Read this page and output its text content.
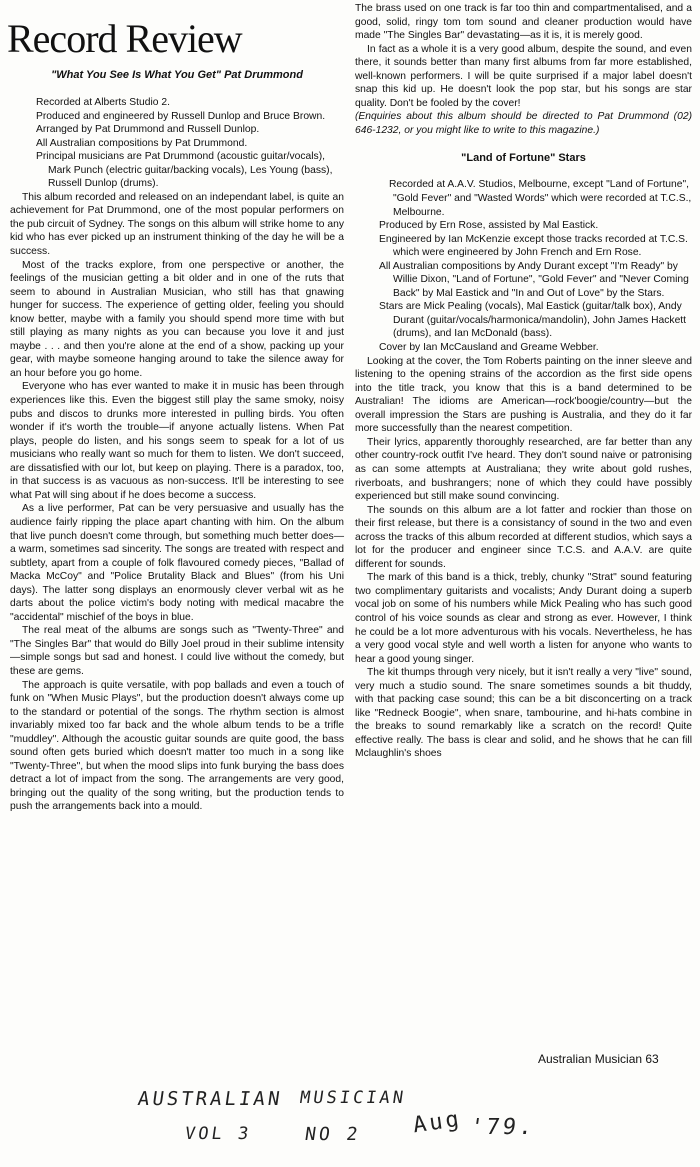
Record Review
"What You See Is What You Get" Pat Drummond
Recorded at Alberts Studio 2.
Produced and engineered by Russell Dunlop and Bruce Brown.
Arranged by Pat Drummond and Russell Dunlop.
All Australian compositions by Pat Drummond.
Principal musicians are Pat Drummond (acoustic guitar/vocals), Mark Punch (electric guitar/backing vocals), Les Young (bass), Russell Dunlop (drums).

This album recorded and released on an independant label, is quite an achievement for Pat Drummond, one of the most popular performers on the pub circuit of Sydney. The songs on this album will strike home to any kid who has ever picked up an instrument thinking of the day he will be a success.

Most of the tracks explore, from one perspective or another, the feelings of the musician getting a bit older and in one of the ruts that seem to abound in Australian Musician, who still has that gnawing hunger for success. The experience of getting older, feeling you should know better, maybe with a family you should spend more time with but still playing as many nights as you can because you love it and just maybe . . . and then you're alone at the end of a show, packing up your gear, with maybe someone hanging around to take the silence away for an hour before you go home.

Everyone who has ever wanted to make it in music has been through experiences like this. Even the biggest still play the same smoky, noisy pubs and discos to drunks more interested in pulling birds. You often wonder if it's worth the trouble—if anyone actually listens. When Pat plays, people do listen, and his songs seem to speak for a lot of us musicians who really want so much for them to listen. We don't succeed, are dissatisfied with our lot, but keep on playing. There is a paradox, too, in that success is as vacuous as non-success. It'll be interesting to see what Pat will sing about if he does become a success.

As a live performer, Pat can be very persuasive and usually has the audience fairly ripping the place apart chanting with him. On the album that live punch doesn't come through, but something much better does—a warm, sometimes sad sincerity. The songs are treated with respect and subtlety, apart from a couple of folk flavoured comedy pieces, "Ballad of Macka McCoy" and "Police Brutality Black and Blues" (from his Uni days). The latter song displays an enormously clever verbal wit as he darts about the police victim's body noting with medical macabre the "accidental" mischief of the boys in blue.

The real meat of the albums are songs such as "Twenty-Three" and "The Singles Bar" that would do Billy Joel proud in their sublime intensity—simple songs but sad and honest. I could live without the comedy, but these are gems.

The approach is quite versatile, with pop ballads and even a touch of funk on "When Music Plays", but the production doesn't always come up to the standard or potential of the songs. The rhythm section is almost invariably mixed too far back and the whole album tends to be a trifle "muddley". Although the acoustic guitar sounds are quite good, the bass sound often gets buried which doesn't matter too much in a song like "Twenty-Three", but when the mood slips into funk burying the bass does detract a lot of impact from the song. The arrangements are very good, bringing out the quality of the song writing, but the production tends to push the arrangements back into a mould.

The brass used on one track is far too thin and compartmentalised, and a good, solid, ringy tom tom sound and cleaner production would have made "The Singles Bar" devastating—as it is, it is merely good.

In fact as a whole it is a very good album, despite the sound, and even there, it sounds better than many first albums from far more established, well-known performers. I will be quite surprised if a major label doesn't snap this kid up. He doesn't look the pop star, but his songs are star quality. Don't be fooled by the cover!

(Enquiries about this album should be directed to Pat Drummond (02) 646-1232, or you might like to write to this magazine.)

"Land of Fortune" Stars
Recorded at A.A.V. Studios, Melbourne, except "Land of Fortune", "Gold Fever" and "Wasted Words" which were recorded at T.C.S., Melbourne.
Produced by Ern Rose, assisted by Mal Eastick.
Engineered by Ian McKenzie except those tracks recorded at T.C.S. which were engineered by John French and Ern Rose.
All Australian compositions by Andy Durant except "I'm Ready" by Willie Dixon, "Land of Fortune", "Gold Fever" and "Never Coming Back" by Mal Eastick and "In and Out of Love" by the Stars.
Stars are Mick Pealing (vocals), Mal Eastick (guitar/talk box), Andy Durant (guitar/vocals/harmonica/mandolin), John James Hackett (drums), and Ian McDonald (bass).
Cover by Ian McCausland and Greame Webber.

Looking at the cover, the Tom Roberts painting on the inner sleeve and listening to the opening strains of the accordion as the first side opens into the title track, you know that this is a band determined to be Australian! The idioms are American—rock'boogie/country—but the overall impression the Stars are pushing is Australia, and they do it far more successfully than the nearest competition.

Their lyrics, apparently thoroughly researched, are far better than any other country-rock outfit I've heard. They don't sound naive or patronising as can some attempts at Australiana; they write about gold rushes, riverboats, and bushrangers; none of which they could have possibly experienced but still make sound convincing.

The sounds on this album are a lot fatter and rockier than those on their first release, but there is a consistancy of sound in the two and even across the tracks of this album recorded at different studios, which says a lot for the producer and engineer since T.C.S. and A.A.V. are quite different for sounds.

The mark of this band is a thick, trebly, chunky "Strat" sound featuring two complimentary guitarists and vocalists; Andy Durant doing a superb vocal job on some of his numbers while Mick Pealing who has such good control of his voice sounds as clear and strong as ever. However, I think he could be a lot more adventurous with his vocals. Nevertheless, he has a very good vocal style and well worth a listen for anyone who wants to hear a good young singer.

The kit thumps through very nicely, but it isn't really a very "live" sound, very much a studio sound. The snare sometimes sounds a bit thuddy, with that packing case sound; this can be a bit disconcerting on a track like "Redneck Boogie", when snare, tambourine, and hi-hats combine in the breaks to sound remarkably like a scratch on the record! Quite effective really. The bass is clear and solid, and he shows that he can fill Mclaughlin's shoes

Australian Musician 63
AUSTRALIAN MUSICIAN
VOL 3	NO 2 Aug '79.
